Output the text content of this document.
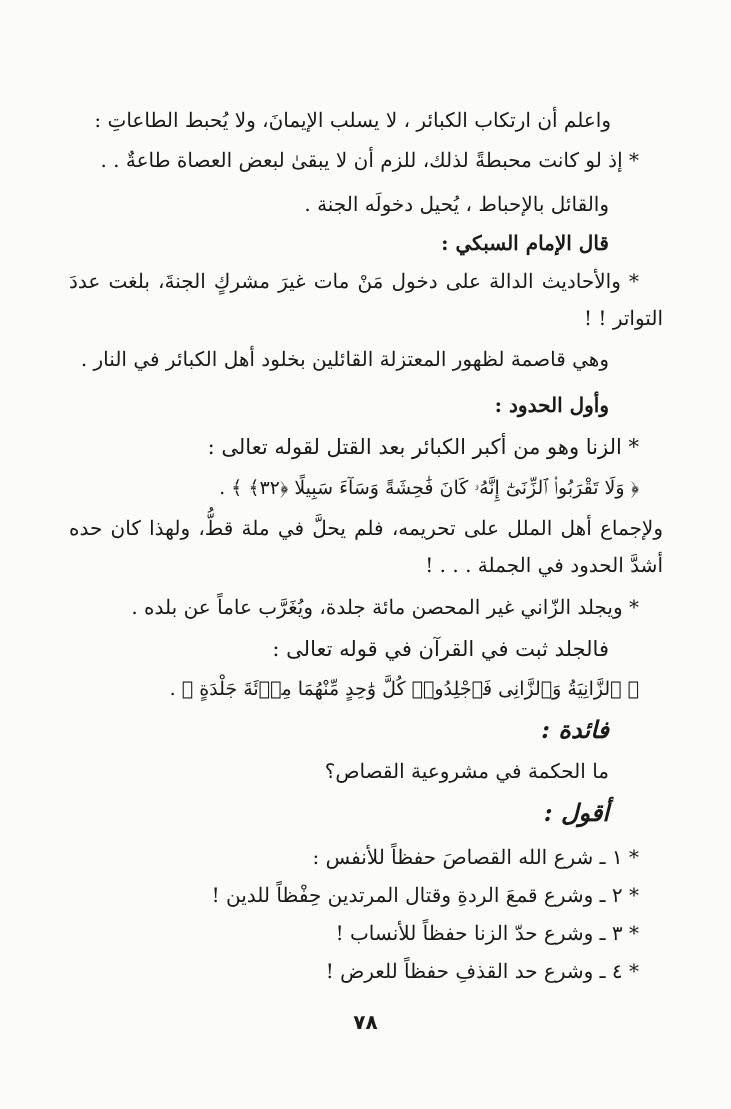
واعلم أن ارتكاب الكبائر ، لا يسلب الإيمانَ، ولا يُحبط الطاعاتِ :
* إذ لو كانت محبطةً لذلك، للزم أن لا يبقىٰ لبعض العصاة طاعةٌ . .
والقائل بالإحباط ، يُحيل دخولَه الجنة .
قال الإمام السبكي :
* والأحاديث الدالة على دخول مَنْ مات غيرَ مشركٍ الجنةَ، بلغت عددَ
التواتر ! !
وهي قاصمة لظهور المعتزلة القائلين بخلود أهل الكبائر في النار .
وأول الحدود :
* الزنا وهو من أكبر الكبائر بعد القتل لقوله تعالى :
﴿ وَلَا تَقْرَبُوا۟ ٱلزِّنَىٰٓ إِنَّهُۥ كَانَ فَٰحِشَةً وَسَآءَ سَبِيلًا ﴿٣٢﴾ ﴾ .
ولإجماع أهل الملل على تحريمه، فلم يحلَّ في ملة قطُّ، ولهذا كان حده
أشدَّ الحدود في الجملة . . . !
* ويجلد الزّاني غير المحصن مائة جلدة، ويُغَرَّب عاماً عن بلده .
فالجلد ثبت في القرآن في قوله تعالى :
﴿ ٱلزَّانِيَةُ وَٱلزَّانِى فَٱجْلِدُوا۟ كُلَّ وَٰحِدٍ مِّنْهُمَا مِا۟ئَةَ جَلْدَةٍ ﴾ .
فائدة :
ما الحكمة في مشروعية القصاص؟
أقول :
* ١ ـ شرع الله القصاصَ حفظاً للأنفس :
* ٢ ـ وشرع قمعَ الردةِ وقتال المرتدين حِفْظاً للدين !
* ٣ ـ وشرع حدّ الزنا حفظاً للأنساب !
* ٤ ـ وشرع حد القذفِ حفظاً للعرض !
٧٨
